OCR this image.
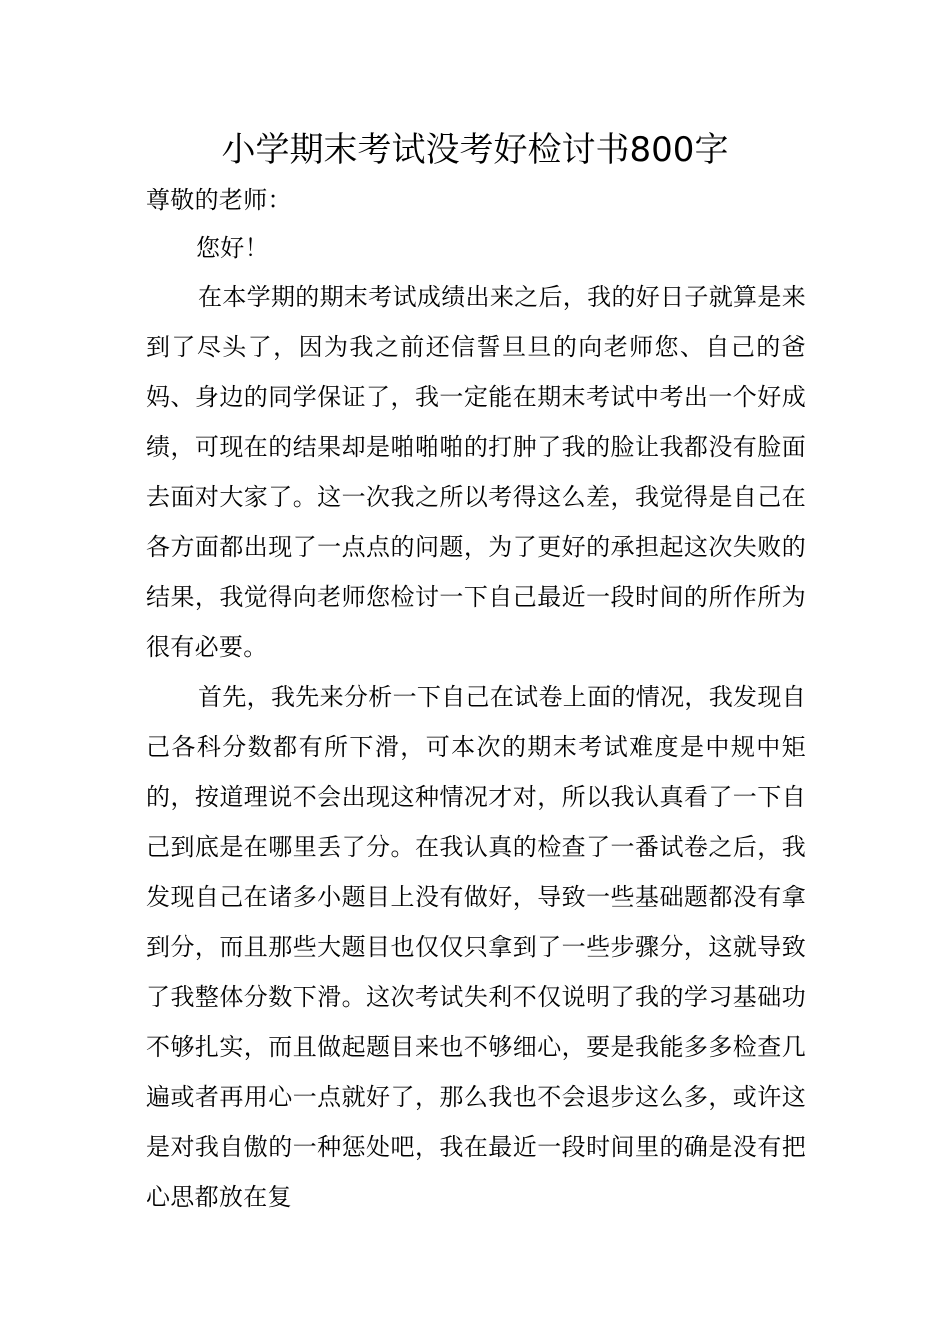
小学期末考试没考好检讨书800字
尊敬的老师：
您好！
在本学期的期末考试成绩出来之后，我的好日子就算是来到了尽头了，因为我之前还信誓旦旦的向老师您、自己的爸妈、身边的同学保证了，我一定能在期末考试中考出一个好成绩，可现在的结果却是啪啪啪的打肿了我的脸让我都没有脸面去面对大家了。这一次我之所以考得这么差，我觉得是自己在各方面都出现了一点点的问题，为了更好的承担起这次失败的结果，我觉得向老师您检讨一下自己最近一段时间的所作所为很有必要。
首先，我先来分析一下自己在试卷上面的情况，我发现自己各科分数都有所下滑，可本次的期末考试难度是中规中矩的，按道理说不会出现这种情况才对，所以我认真看了一下自己到底是在哪里丢了分。在我认真的检查了一番试卷之后，我发现自己在诸多小题目上没有做好，导致一些基础题都没有拿到分，而且那些大题目也仅仅只拿到了一些步骤分，这就导致了我整体分数下滑。这次考试失利不仅说明了我的学习基础功不够扎实，而且做起题目来也不够细心，要是我能多多检查几遍或者再用心一点就好了，那么我也不会退步这么多，或许这是对我自傲的一种惩处吧，我在最近一段时间里的确是没有把心思都放在复
